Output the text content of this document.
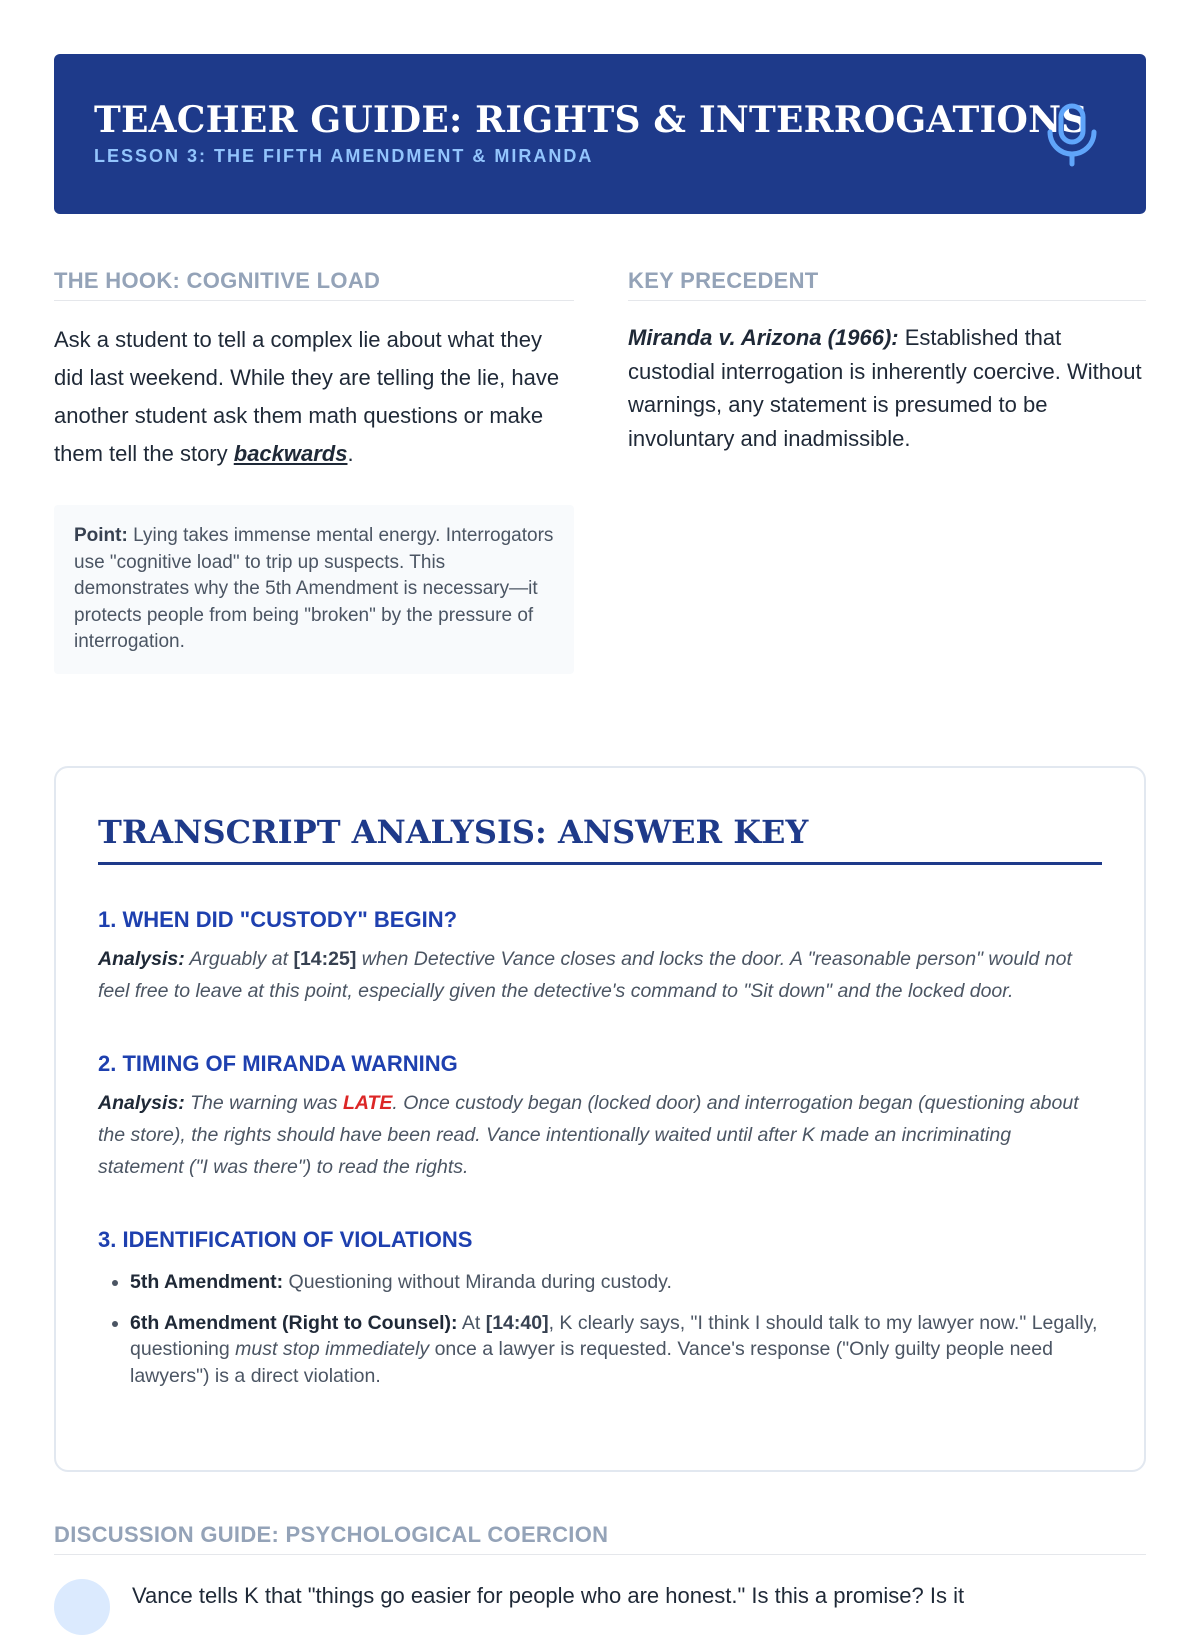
TEACHER GUIDE: RIGHTS & INTERROGATIONS
LESSON 3: THE FIFTH AMENDMENT & MIRANDA
THE HOOK: COGNITIVE LOAD
Ask a student to tell a complex lie about what they did last weekend. While they are telling the lie, have another student ask them math questions or make them tell the story backwards.
Point: Lying takes immense mental energy. Interrogators use "cognitive load" to trip up suspects. This demonstrates why the 5th Amendment is necessary—it protects people from being "broken" by the pressure of interrogation.
KEY PRECEDENT
Miranda v. Arizona (1966): Established that custodial interrogation is inherently coercive. Without warnings, any statement is presumed to be involuntary and inadmissible.
TRANSCRIPT ANALYSIS: ANSWER KEY
1. WHEN DID "CUSTODY" BEGIN?
Analysis: Arguably at [14:25] when Detective Vance closes and locks the door. A "reasonable person" would not feel free to leave at this point, especially given the detective's command to "Sit down" and the locked door.
2. TIMING OF MIRANDA WARNING
Analysis: The warning was LATE. Once custody began (locked door) and interrogation began (questioning about the store), the rights should have been read. Vance intentionally waited until after K made an incriminating statement ("I was there") to read the rights.
3. IDENTIFICATION OF VIOLATIONS
• 5th Amendment: Questioning without Miranda during custody.
• 6th Amendment (Right to Counsel): At [14:40], K clearly says, "I think I should talk to my lawyer now." Legally, questioning must stop immediately once a lawyer is requested. Vance's response ("Only guilty people need lawyers") is a direct violation.
DISCUSSION GUIDE: PSYCHOLOGICAL COERCION
Vance tells K that "things go easier for people who are honest." Is this a promise? Is it
